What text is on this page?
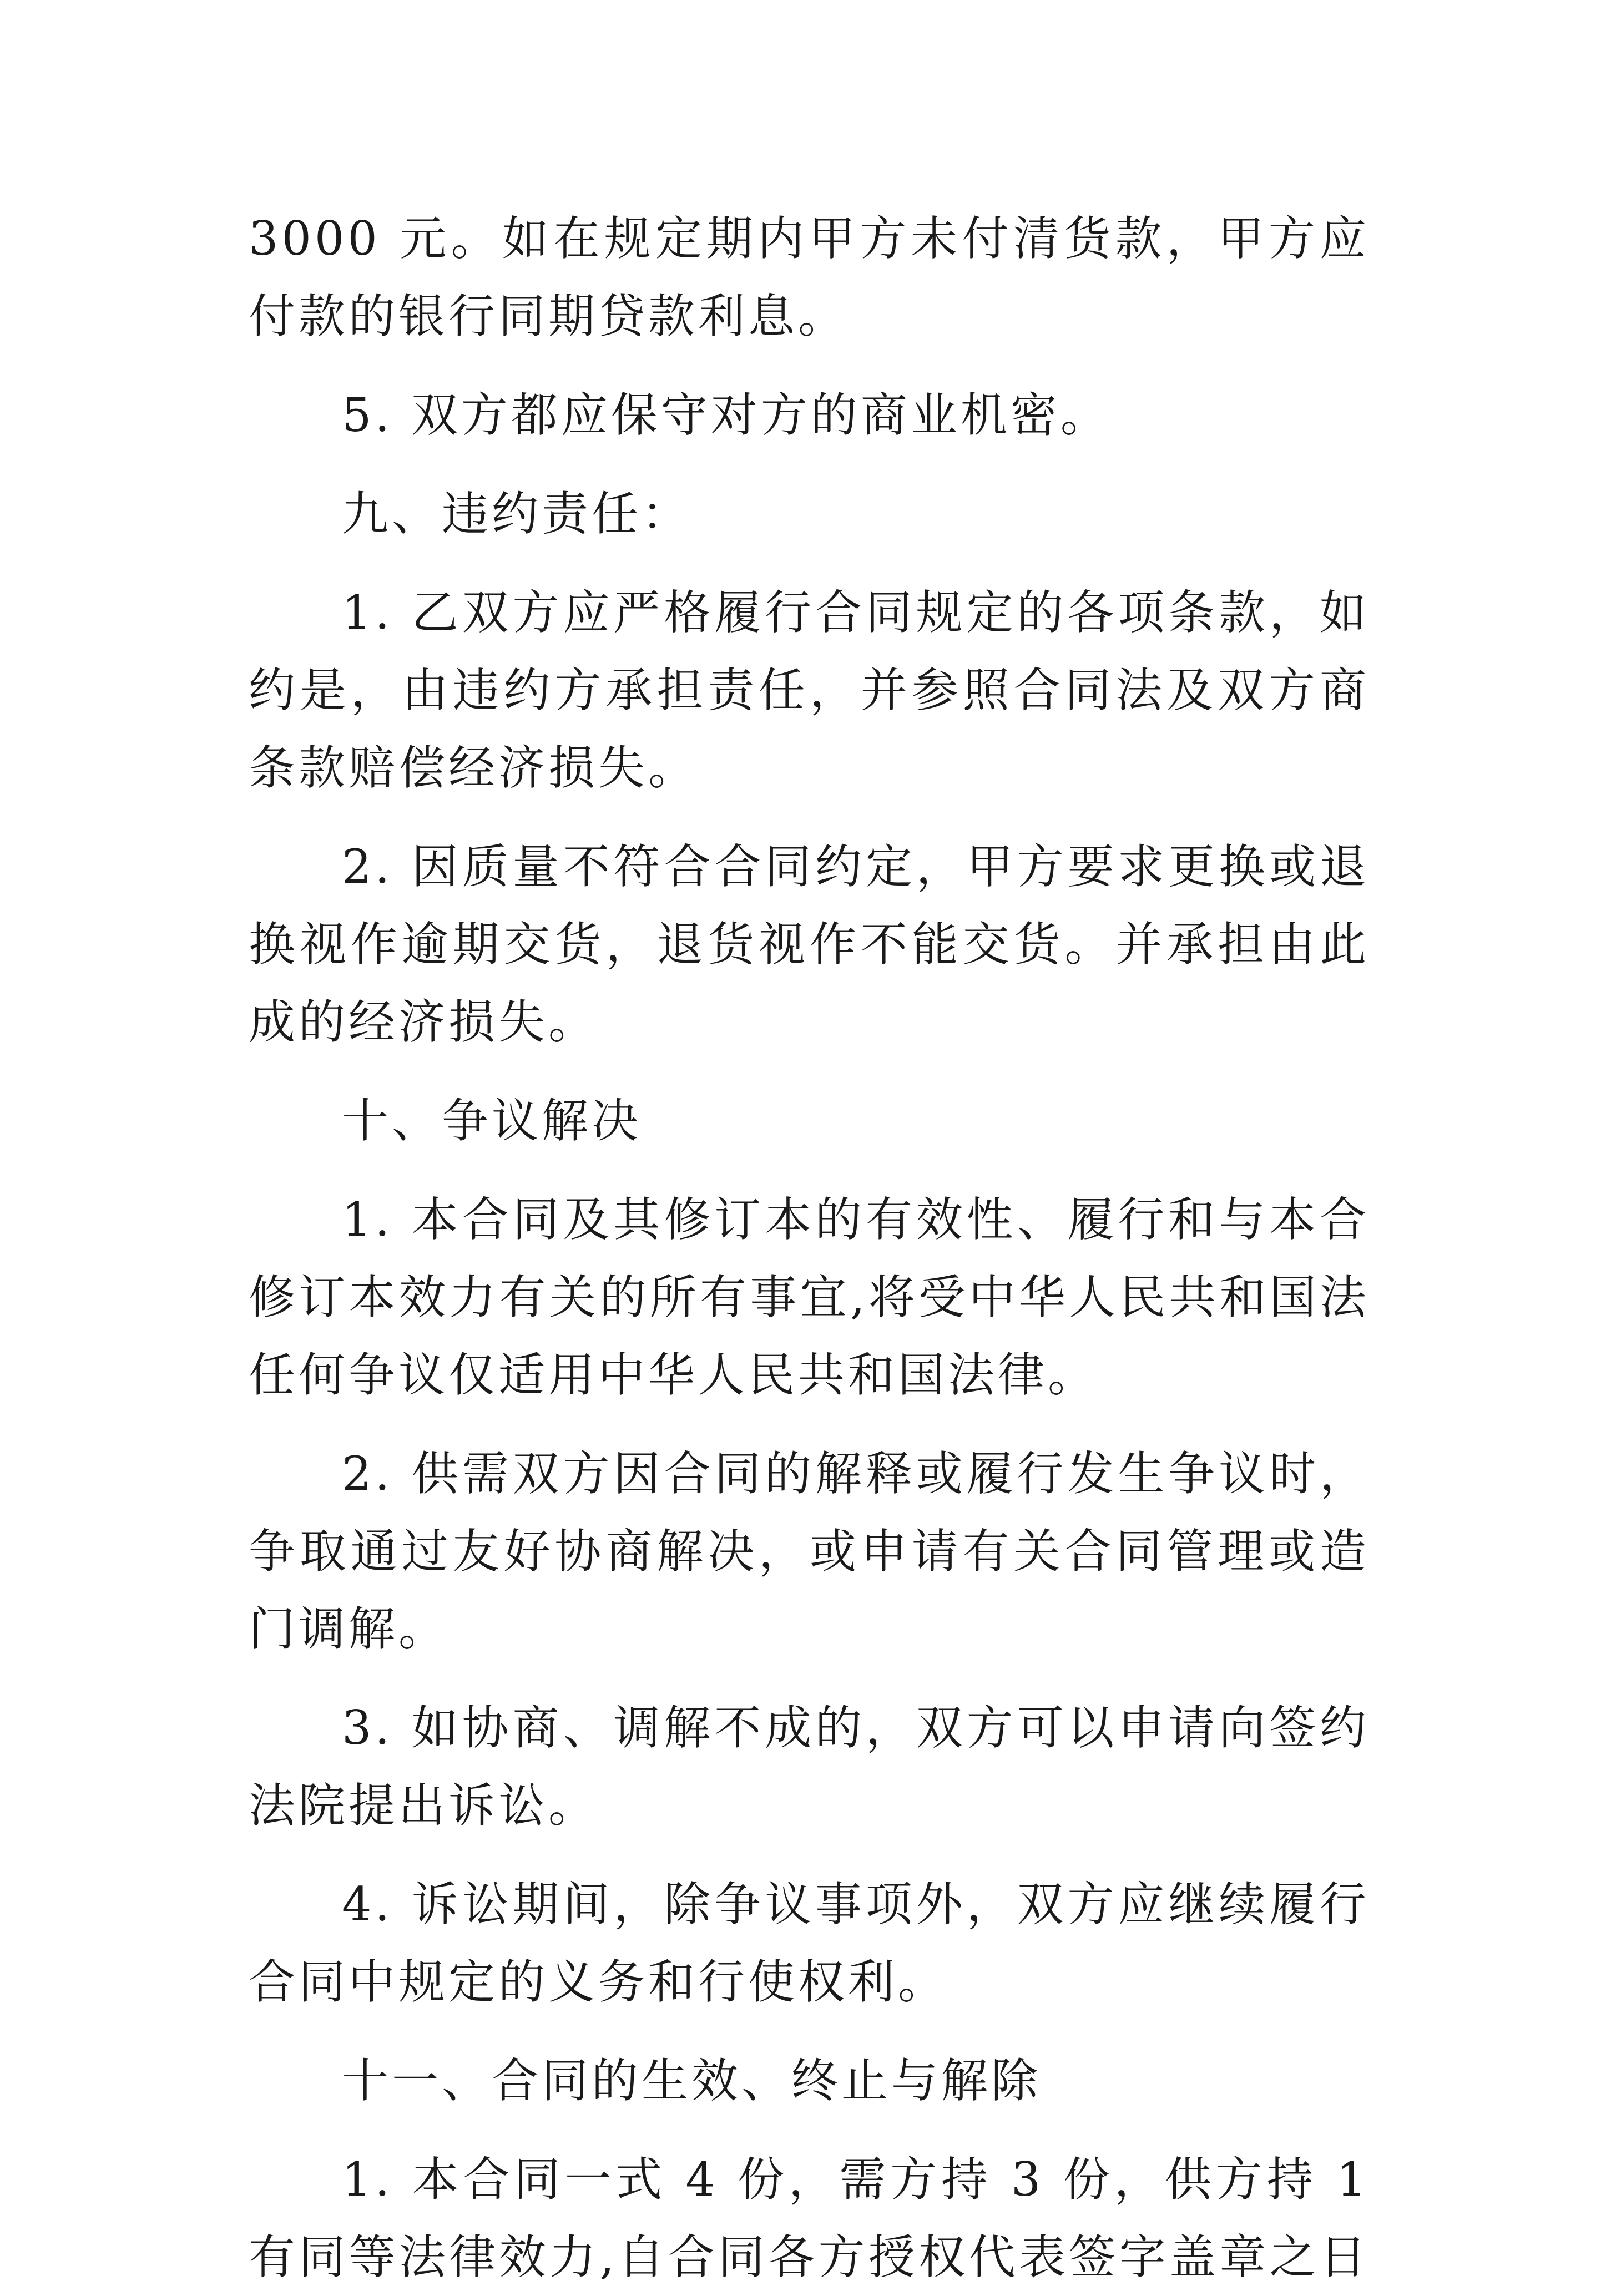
3000 元。如在规定期内甲方未付清货款，甲方应
付款的银行同期贷款利息。
5. 双方都应保守对方的商业机密。
九、违约责任：
1. 乙双方应严格履行合同规定的各项条款，如
约是，由违约方承担责任，并参照合同法及双方商
条款赔偿经济损失。
2. 因质量不符合合同约定，甲方要求更换或退
换视作逾期交货，退货视作不能交货。并承担由此
成的经济损失。
十、争议解决
1. 本合同及其修订本的有效性、履行和与本合
修订本效力有关的所有事宜,将受中华人民共和国法
任何争议仅适用中华人民共和国法律。
2. 供需双方因合同的解释或履行发生争议时，
争取通过友好协商解决，或申请有关合同管理或造
门调解。
3. 如协商、调解不成的，双方可以申请向签约
法院提出诉讼。
4. 诉讼期间，除争议事项外，双方应继续履行
合同中规定的义务和行使权利。
十一、合同的生效、终止与解除
1. 本合同一式 4 份，需方持 3 份，供方持 1
有同等法律效力,自合同各方授权代表签字盖章之日
